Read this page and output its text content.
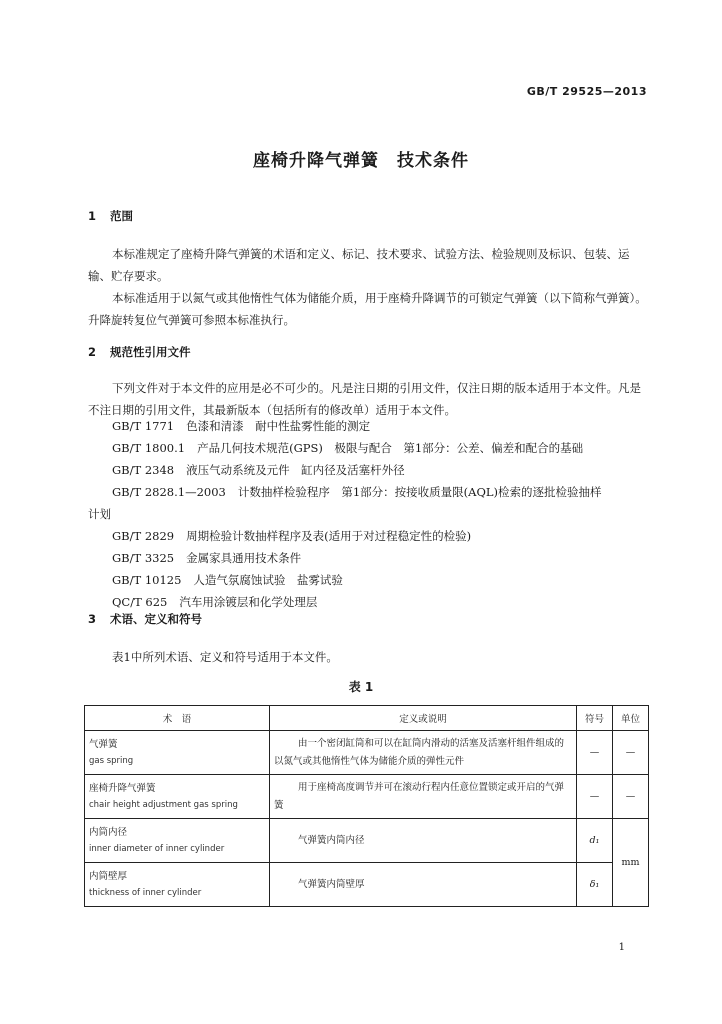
GB/T 29525—2013
座椅升降气弹簧　技术条件
1 范围
本标准规定了座椅升降气弹簧的术语和定义、标记、技术要求、试验方法、检验规则及标识、包装、运输、贮存要求。
本标准适用于以氮气或其他惰性气体为储能介质，用于座椅升降调节的可锁定气弹簧（以下简称气弹簧）。升降旋转复位气弹簧可参照本标准执行。
2 规范性引用文件
下列文件对于本文件的应用是必不可少的。凡是注日期的引用文件，仅注日期的版本适用于本文件。凡是不注日期的引用文件，其最新版本（包括所有的修改单）适用于本文件。
GB/T 1771 色漆和清漆　耐中性盐雾性能的测定
GB/T 1800.1 产品几何技术规范(GPS)　极限与配合　第1部分：公差、偏差和配合的基础
GB/T 2348 液压气动系统及元件　缸内径及活塞杆外径
GB/T 2828.1—2003 计数抽样检验程序　第1部分：按接收质量限(AQL)检索的逐批检验抽样
计划
GB/T 2829 周期检验计数抽样程序及表(适用于对过程稳定性的检验)
GB/T 3325 金属家具通用技术条件
GB/T 10125 人造气氛腐蚀试验　盐雾试验
QC/T 625 汽车用涂镀层和化学处理层
3 术语、定义和符号
表1中所列术语、定义和符号适用于本文件。
表 1
术　语	定义或说明	符号	单位

气弹簧
gas spring	由一个密闭缸筒和可以在缸筒内滑动的活塞及活塞杆组件组成的以氮气或其他惰性气体为储能介质的弹性元件	—	—

座椅升降气弹簧
chair height adjustment gas spring	用于座椅高度调节并可在滚动行程内任意位置锁定或开启的气弹簧	—	—

内筒内径
inner diameter of inner cylinder	气弹簧内筒内径	d₁	mm

内筒壁厚
thickness of inner cylinder	气弹簧内筒壁厚	δ₁	
1
